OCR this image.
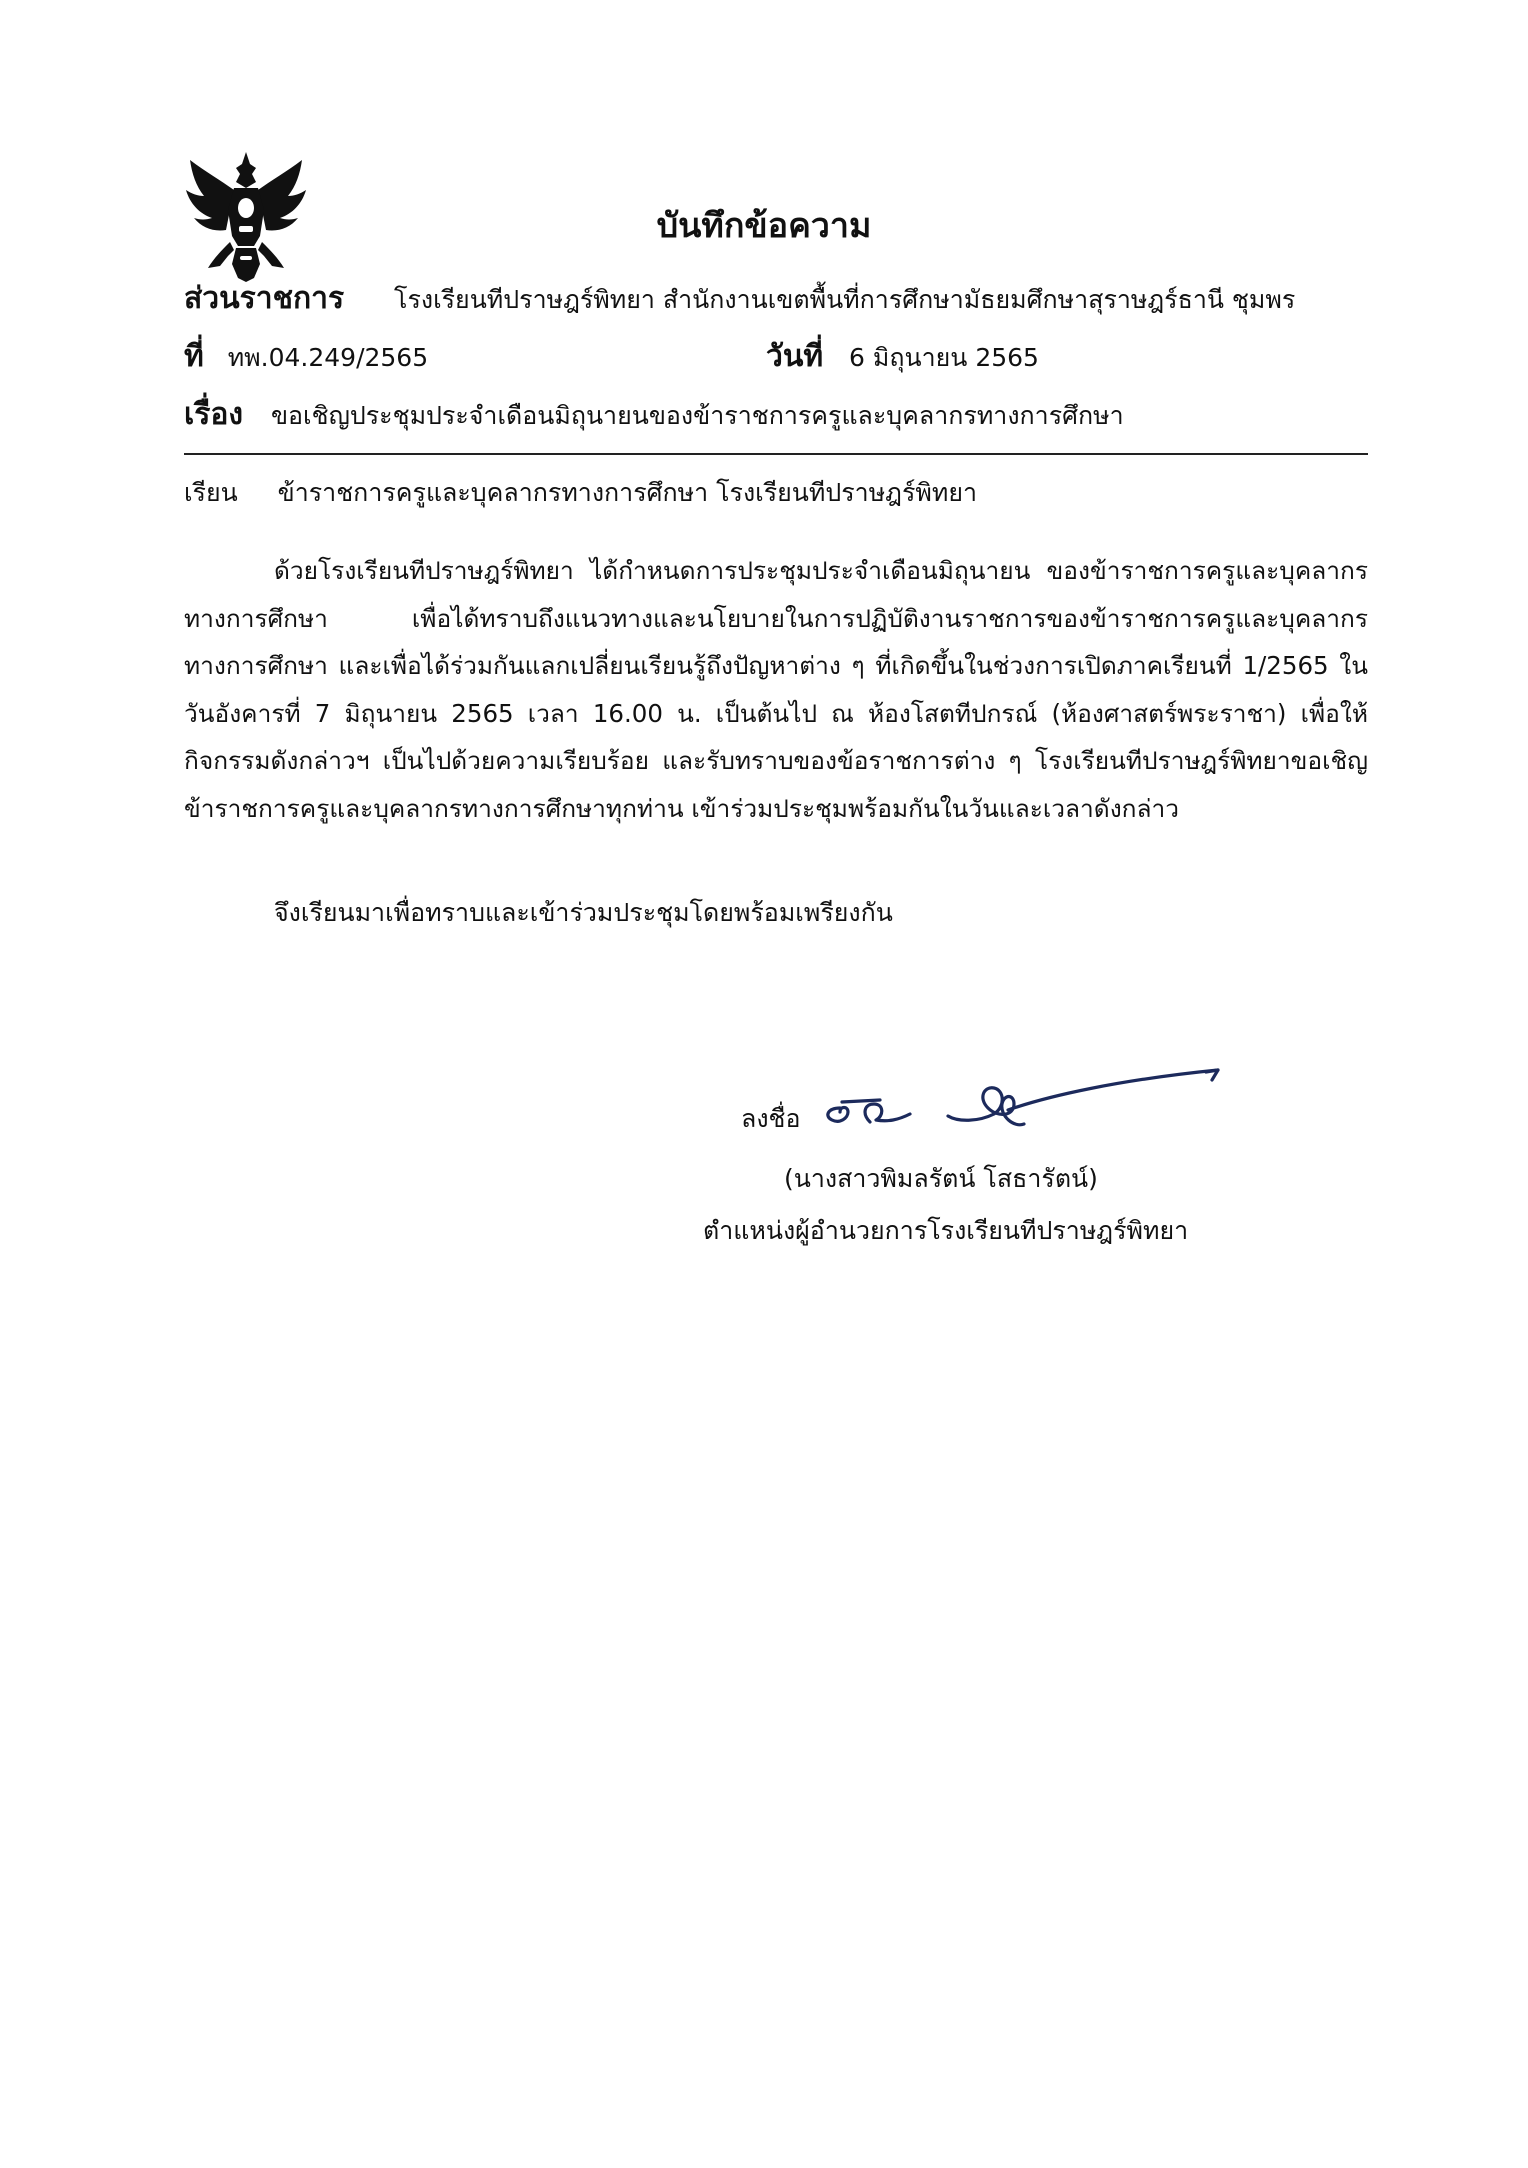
บันทึกข้อความ
ส่วนราชการ โรงเรียนทีปราษฎร์พิทยา สำนักงานเขตพื้นที่การศึกษามัธยมศึกษาสุราษฎร์ธานี ชุมพร
ที่ ทพ.04.249/2565	วันที่ 6 มิถุนายน 2565
เรื่อง ขอเชิญประชุมประจำเดือนมิถุนายนของข้าราชการครูและบุคลากรทางการศึกษา
เรียน ข้าราชการครูและบุคลากรทางการศึกษา โรงเรียนทีปราษฎร์พิทยา

ด้วยโรงเรียนทีปราษฎร์พิทยา ได้กำหนดการประชุมประจำเดือนมิถุนายน ของข้าราชการครูและบุคลากรทางการศึกษา เพื่อได้ทราบถึงแนวทางและนโยบายในการปฏิบัติงานราชการของข้าราชการครูและบุคลากรทางการศึกษา และเพื่อได้ร่วมกันแลกเปลี่ยนเรียนรู้ถึงปัญหาต่าง ๆ ที่เกิดขึ้นในช่วงการเปิดภาคเรียนที่ 1/2565 ในวันอังคารที่ 7 มิถุนายน 2565 เวลา 16.00 น. เป็นต้นไป ณ ห้องโสตทีปกรณ์ (ห้องศาสตร์พระราชา) เพื่อให้กิจกรรมดังกล่าวฯ เป็นไปด้วยความเรียบร้อย และรับทราบของข้อราชการต่าง ๆ โรงเรียนทีปราษฎร์พิทยาขอเชิญข้าราชการครูและบุคลากรทางการศึกษาทุกท่าน เข้าร่วมประชุมพร้อมกันในวันและเวลาดังกล่าว

จึงเรียนมาเพื่อทราบและเข้าร่วมประชุมโดยพร้อมเพรียงกัน
ลงชื่อ
(นางสาวพิมลรัตน์ โสธารัตน์)
ตำแหน่งผู้อำนวยการโรงเรียนทีปราษฎร์พิทยา
